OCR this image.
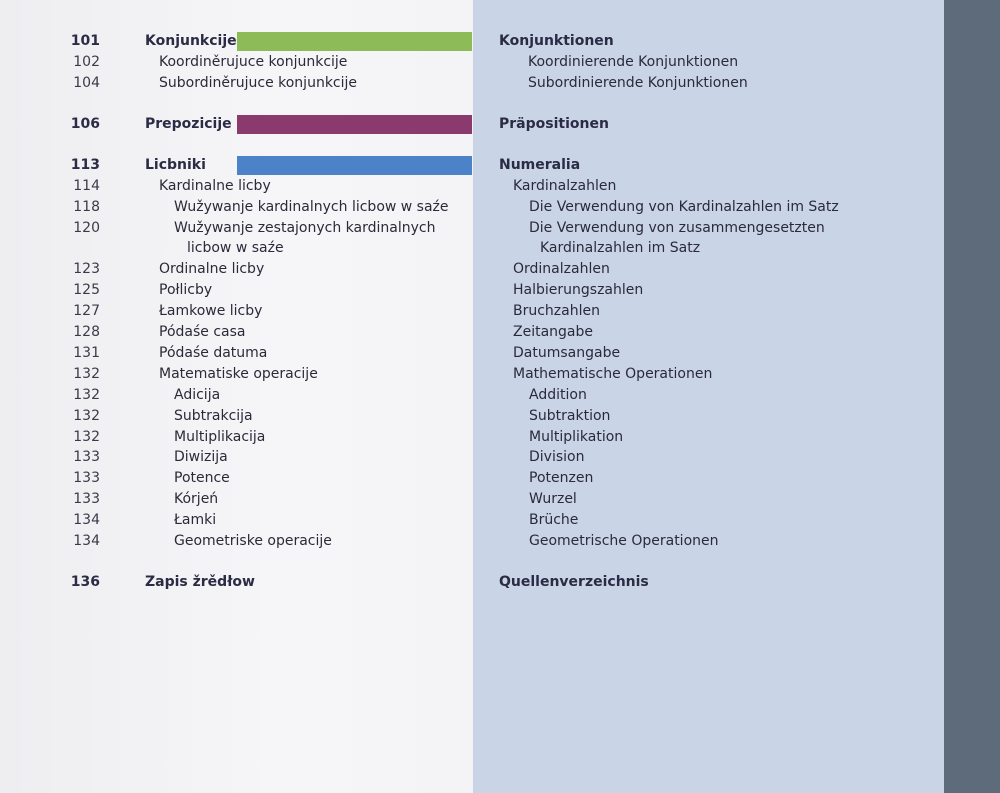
101	Konjunkcije	Konjunktionen
102	Koordiněrujuce konjunkcije	Koordinierende Konjunktionen
104	Subordiněrujuce konjunkcije	Subordinierende Konjunktionen
106	Prepozicije	Präpositionen
113	Licbniki	Numeralia
114	Kardinalne licby	Kardinalzahlen
118	Wužywanje kardinalnych licbow w saźe	Die Verwendung von Kardinalzahlen im Satz
120	Wužywanje zestajonych kardinalnych	Die Verwendung von zusammengesetzten
licbow w saźe	Kardinalzahlen im Satz
123	Ordinalne licby	Ordinalzahlen
125	Połlicby	Halbierungszahlen
127	Łamkowe licby	Bruchzahlen
128	Pódaśe casa	Zeitangabe
131	Pódaśe datuma	Datumsangabe
132	Matematiske operacije	Mathematische Operationen
132	Adicija	Addition
132	Subtrakcija	Subtraktion
132	Multiplikacija	Multiplikation
133	Diwizija	Division
133	Potence	Potenzen
133	Kórjeń	Wurzel
134	Łamki	Brüche
134	Geometriske operacije	Geometrische Operationen
136	Zapis žrědłow	Quellenverzeichnis
